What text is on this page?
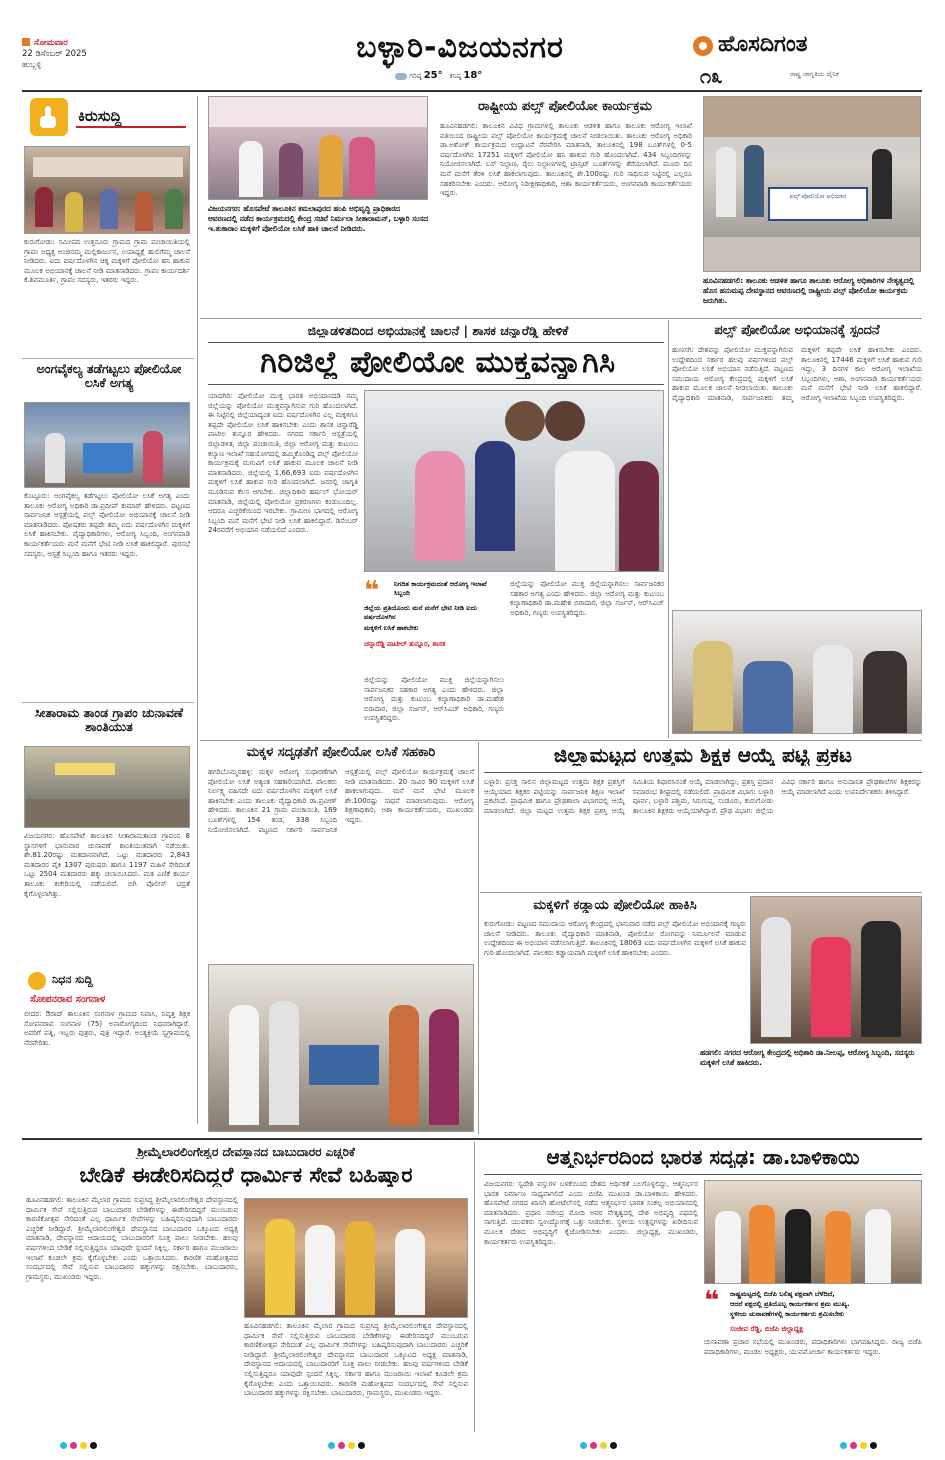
ಸೋಮವಾರ
22 ಡಿಸೆಂಬರ್ 2025
ಹುಬ್ಬಳ್ಳಿ	ಬಳ್ಳಾರಿ-ವಿಜಯನಗರ
ಗರಿಷ್ಠ 25° ಕನಿಷ್ಠ 18°
ಹೊಸದಿಗಂತ
೧೩	ರಾಷ್ಟ್ರ ಜಾಗೃತಿಯ ದೈನಿಕ
ಕಿರುಸುದ್ದಿ
ಕುರುಗೋಡು: ಸಮೀಪದ ಉತ್ತನೂರು ಗ್ರಾಮದ ಗ್ರಾಮ ಪಂಚಾಯಿತಿಯಲ್ಲಿ ಗ್ರಾಪಂ ಅಧ್ಯಕ್ಷ ಅಂಜಿನಮ್ಮ ಮಲ್ಲಿಕಾರ್ಜುನ, ಉಪಾಧ್ಯಕ್ಷೆ ಹುಲಿಗೆಮ್ಮ ಚಾಲನೆ ನೀಡಿದರು. ಐದು ವರ್ಷದೊಳಗಿನ ಚಿಕ್ಕ ಮಕ್ಕಳಿಗೆ ಪೋಲಿಯೋ ಹನಿ ಹಾಕುವ ಮೂಲಕ ಅಭಿಯಾನಕ್ಕೆ ಚಾಲನೆ ನೀಡಿ ಮಾತನಾಡಿದರು. ಗ್ರಾಪಂ ಕಾರ್ಯದರ್ಶಿ ಕೆ.ಶಿವಮೂರ್ತಿ, ಗ್ರಾಪಂ ಸದಸ್ಯರು, ಇತರರು ಇದ್ದರು.
ಅಂಗವೈಕಲ್ಯ ತಡೆಗಟ್ಟಲು ಪೋಲಿಯೋ ಲಸಿಕೆ ಅಗತ್ಯ
ಕೊಟ್ಟೂರು: ಅಂಗವೈಕಲ್ಯ ತಡೆಗಟ್ಟಲು ಪೋಲಿಯೋ ಲಸಿಕೆ ಅಗತ್ಯ ಎಂದು ತಾಲೂಕು ಆರೋಗ್ಯ ಅಧಿಕಾರಿ ಡಾ.ಪ್ರದೀಪ್ ಕುಮಾರ್ ಹೇಳಿದರು. ಪಟ್ಟಣದ ಸಾರ್ವಜನಿಕ ಆಸ್ಪತ್ರೆಯಲ್ಲಿ ಪಲ್ಸ್ ಪೋಲಿಯೋ ಅಭಿಯಾನಕ್ಕೆ ಚಾಲನೆ ನೀಡಿ ಮಾತನಾಡಿದರು. ಪೋಷಕರು ತಪ್ಪದೇ ತಮ್ಮ ಐದು ವರ್ಷದೊಳಗಿನ ಮಕ್ಕಳಿಗೆ ಲಸಿಕೆ ಹಾಕಿಸಬೇಕು. ವೈದ್ಯಾಧಿಕಾರಿಗಳು, ಆರೋಗ್ಯ ಸಿಬ್ಬಂದಿ, ಅಂಗನವಾಡಿ ಕಾರ್ಯಕರ್ತೆಯರು ಮನೆ ಮನೆಗೆ ಭೇಟಿ ನೀಡಿ ಲಸಿಕೆ ಹಾಕಲಿದ್ದಾರೆ. ಪುರಸಭೆ ಸದಸ್ಯರು, ಆಸ್ಪತ್ರೆ ಸಿಬ್ಬಂದಿ ಹಾಗೂ ಇತರರು ಇದ್ದರು.
ಸೀತಾರಾಮ ತಾಂಡ ಗ್ರಾಪಂ ಚುನಾವಣೆ ಶಾಂತಿಯುತ
ವಿಜಯನಗರ: ಹೊಸಪೇಟೆ ತಾಲೂಕಿನ ಸೀತಾರಾಮತಾಂಡ ಗ್ರಾಪಂನ 8 ಸ್ಥಾನಗಳಿಗೆ ಭಾನುವಾರ ಚುನಾವಣೆ ಶಾಂತಿಯುತವಾಗಿ ನಡೆಯಿತು. ಶೇ.81.20ರಷ್ಟು ಮತದಾನವಾಗಿದೆ. ಒಟ್ಟು ಮತದಾರರು 2,843 ಮತದಾರರ ಪೈಕಿ 1307 ಪುರುಷರು ಹಾಗೂ 1197 ಮಹಿಳೆ ಸೇರಿದಂತೆ ಒಟ್ಟು 2504 ಮತದಾರರು ಹಕ್ಕು ಚಲಾಯಿಸಿದರು. ಮತ ಎಣಿಕೆ ಕಾರ್ಯ ತಾಲೂಕು ಕಚೇರಿಯಲ್ಲಿ ನಡೆಯಲಿದೆ. ಬಿಗಿ ಪೊಲೀಸ್ ಭದ್ರತೆ ಕೈಗೊಳ್ಳಲಾಗಿತ್ತು.
ನಿಧನ ಸುದ್ದಿ
ಸೋಪನರಾವ ಸಂಗನಾಳ
ಬೀದರ: ಔರಾದ್ ತಾಲೂಕಿನ ಸಂಗನಾಳ ಗ್ರಾಮದ ನಿವಾಸಿ, ನಿವೃತ್ತ ಶಿಕ್ಷಕ ಸೋಪನರಾವ ಸಂಗನಾಳ (75) ಅನಾರೋಗ್ಯದಿಂದ ನಿಧನರಾಗಿದ್ದಾರೆ. ಅವರಿಗೆ ಪತ್ನಿ, ಇಬ್ಬರು ಪುತ್ರರು, ಪುತ್ರಿ ಇದ್ದಾರೆ. ಅಂತ್ಯಕ್ರಿಯೆ ಸ್ವಗ್ರಾಮದಲ್ಲಿ ನೆರವೇರಿತು.
ವಿಜಯನಗರ: ಹೊಸಪೇಟೆ ತಾಲೂಕಿನ ಕಮಲಾಪುರದ ಹಂಪಿ ಅಭಿವೃದ್ಧಿ ಪ್ರಾಧಿಕಾರದ ಆವರಣದಲ್ಲಿ ನಡೆದ ಕಾರ್ಯಕ್ರಮದಲ್ಲಿ ಕೇಂದ್ರ ಸಚಿವೆ ನಿರ್ಮಲಾ ಸೀತಾರಾಮನ್, ಬಳ್ಳಾರಿ ಸಂಸದ ಇ.ತುಕಾರಾಂ ಮಕ್ಕಳಿಗೆ ಪೋಲಿಯೋ ಲಸಿಕೆ ಹಾಕಿ ಚಾಲನೆ ನೀಡಿದರು.
ರಾಷ್ಟ್ರೀಯ ಪಲ್ಸ್ ಪೋಲಿಯೋ ಕಾರ್ಯಕ್ರಮ
ಹೂವಿನಹಡಗಲಿ: ತಾಲೂಕಿನ ವಿವಿಧ ಗ್ರಾಮಗಳಲ್ಲಿ ತಾಲೂಕು ಆಡಳಿತ ಹಾಗೂ ತಾಲೂಕು ಆರೋಗ್ಯ ಇಲಾಖೆ ವತಿಯಿಂದ ರಾಷ್ಟ್ರೀಯ ಪಲ್ಸ್ ಪೋಲಿಯೋ ಕಾರ್ಯಕ್ರಮಕ್ಕೆ ಚಾಲನೆ ನೀಡಲಾಯಿತು. ತಾಲೂಕು ಆರೋಗ್ಯ ಅಧಿಕಾರಿ ಡಾ.ಅಶೋಕ್ ಕಾರ್ಯಕ್ರಮದ ಉದ್ಘಾಟನೆ ನೆರವೇರಿಸಿ ಮಾತನಾಡಿ, ತಾಲೂಕಿನಲ್ಲಿ 198 ಬೂತ್‌ಗಳಲ್ಲಿ 0-5 ವರ್ಷದೊಳಗಿನ 17251 ಮಕ್ಕಳಿಗೆ ಪೋಲಿಯೋ ಹನಿ ಹಾಕುವ ಗುರಿ ಹೊಂದಲಾಗಿದೆ. 434 ಸಿಬ್ಬಂದಿಗಳನ್ನು ನಿಯೋಜಿಸಲಾಗಿದೆ. ಬಸ್ ನಿಲ್ದಾಣ, ರೈಲು ನಿಲ್ದಾಣಗಳಲ್ಲಿ ಟ್ರಾನ್ಸಿಟ್ ಬೂತ್‌ಗಳನ್ನು ತೆರೆಯಲಾಗಿದೆ. ಮೂರು ದಿನ ಮನೆ ಮನೆಗೆ ತೆರಳಿ ಲಸಿಕೆ ಹಾಕಲಾಗುವುದು. ತಾಲೂಕಿನಲ್ಲಿ ಶೇ.100ರಷ್ಟು ಗುರಿ ಸಾಧಿಸುವ ನಿಟ್ಟಿನಲ್ಲಿ ಎಲ್ಲರೂ ಸಹಕರಿಸಬೇಕು ಎಂದರು. ಆರೋಗ್ಯ ನಿರೀಕ್ಷಣಾಧಿಕಾರಿ, ಆಶಾ ಕಾರ್ಯಕರ್ತೆಯರು, ಅಂಗನವಾಡಿ ಕಾರ್ಯಕರ್ತೆಯರು ಇದ್ದರು.	ಪಲ್ಸ್ ಪೋಲಿಯೋ ಅಭಿಯಾನ
ಹೂವಿನಹಡಗಲಿ: ತಾಲೂಕು ಆಡಳಿತ ಹಾಗೂ ತಾಲೂಕು ಆರೋಗ್ಯ ಅಧಿಕಾರಿಗಳ ನೇತೃತ್ವದಲ್ಲಿ ಹೊಸ ಹನುಮಪ್ಪ ದೇವಸ್ಥಾನದ ಆವರಣದಲ್ಲಿ ರಾಷ್ಟ್ರೀಯ ಪಲ್ಸ್ ಪೋಲಿಯೋ ಕಾರ್ಯಕ್ರಮ ಜರುಗಿತು.
ಜಿಲ್ಲಾಡಳಿತದಿಂದ ಅಭಿಯಾನಕ್ಕೆ ಚಾಲನೆ | ಶಾಸಕ ಚನ್ನಾರೆಡ್ಡಿ ಹೇಳಿಕೆ
ಗಿರಿಜಿಲ್ಲೆ ಪೋಲಿಯೋ ಮುಕ್ತವನ್ನಾಗಿಸಿ
ಯಾದಗಿರಿ: ಪೋಲಿಯೋ ಮುಕ್ತ ಭಾರತ ಅಭಿಯಾನದಡಿ ನಮ್ಮ ಜಿಲ್ಲೆಯನ್ನು ಪೋಲಿಯೋ ಮುಕ್ತವನ್ನಾಗಿಸುವ ಗುರಿ ಹೊಂದಲಾಗಿದೆ. ಈ ನಿಟ್ಟಿನಲ್ಲಿ ಜಿಲ್ಲೆಯಾದ್ಯಂತ ಐದು ವರ್ಷದೊಳಗಿನ ಎಲ್ಲ ಮಕ್ಕಳಿಗೂ ತಪ್ಪದೇ ಪೋಲಿಯೋ ಲಸಿಕೆ ಹಾಕಿಸಬೇಕು ಎಂದು ಶಾಸಕ ಚನ್ನಾರೆಡ್ಡಿ ಪಾಟೀಲ ತುನ್ನೂರ ಹೇಳಿದರು. ನಗರದ ಸರ್ಕಾರಿ ಆಸ್ಪತ್ರೆಯಲ್ಲಿ ಜಿಲ್ಲಾಡಳಿತ, ಜಿಲ್ಲಾ ಪಂಚಾಯಿತಿ, ಜಿಲ್ಲಾ ಆರೋಗ್ಯ ಮತ್ತು ಕುಟುಂಬ ಕಲ್ಯಾಣ ಇಲಾಖೆ ಸಹಯೋಗದಲ್ಲಿ ಹಮ್ಮಿಕೊಂಡಿದ್ದ ಪಲ್ಸ್ ಪೋಲಿಯೋ ಕಾರ್ಯಕ್ರಮಕ್ಕೆ ಮಗುವಿಗೆ ಲಸಿಕೆ ಹಾಕುವ ಮೂಲಕ ಚಾಲನೆ ನೀಡಿ ಮಾತನಾಡಿದರು. ಜಿಲ್ಲೆಯಲ್ಲಿ 1,66,693 ಐದು ವರ್ಷದೊಳಗಿನ ಮಕ್ಕಳಿಗೆ ಲಸಿಕೆ ಹಾಕುವ ಗುರಿ ಹೊಂದಲಾಗಿದೆ. ಜನರಲ್ಲಿ ಜಾಗೃತಿ ಮೂಡಿಸುವ ಕೆಲಸ ಆಗಬೇಕು. ಜಿಲ್ಲಾಧಿಕಾರಿ ಹರ್ಷಲ್ ಭೋಯರ್ ಮಾತನಾಡಿ, ಜಿಲ್ಲೆಯಲ್ಲಿ ಪೋಲಿಯೋ ಪ್ರಕರಣಗಳು ಕಂಡುಬಂದಿಲ್ಲ. ಆದರೂ ಎಚ್ಚರಿಕೆಯಿಂದ ಇರಬೇಕು. ಗ್ರಾಮೀಣ ಭಾಗದಲ್ಲಿ ಆರೋಗ್ಯ ಸಿಬ್ಬಂದಿ ಮನೆ ಮನೆಗೆ ಭೇಟಿ ನೀಡಿ ಲಸಿಕೆ ಹಾಕಲಿದ್ದಾರೆ. ಡಿಸೆಂಬರ್ 24ರವರೆಗೆ ಅಭಿಯಾನ ನಡೆಯಲಿದೆ ಎಂದರು.
❝ ನಿಗದಿತ ಕಾರ್ಯಕ್ರಮದಂತೆ ಆರೋಗ್ಯ ಇಲಾಖೆ ಸಿಬ್ಬಂದಿ
ಜಿಲ್ಲೆಯ ಪ್ರತಿಯೊಂದು ಮನೆ ಮನೆಗೆ ಭೇಟಿ ನೀಡಿ ಐದು ವರ್ಷದೊಳಗಿನ
ಮಕ್ಕಳಿಗೆ ಲಸಿಕೆ ಹಾಕಬೇಕು
ಚನ್ನಾರೆಡ್ಡಿ ಪಾಟೀಲ್ ತುನ್ನೂರ, ಶಾಸಕ
ಜಿಲ್ಲೆಯನ್ನು ಪೋಲಿಯೋ ಮುಕ್ತ ಜಿಲ್ಲೆಯನ್ನಾಗಿಸಲು ಸಾರ್ವಜನಿಕರ ಸಹಕಾರ ಅಗತ್ಯ ಎಂದು ಹೇಳಿದರು. ಜಿಲ್ಲಾ ಆರೋಗ್ಯ ಮತ್ತು ಕುಟುಂಬ ಕಲ್ಯಾಣಾಧಿಕಾರಿ ಡಾ.ಮಹೇಶ ಬಿರಾದಾರ, ಜಿಲ್ಲಾ ಸರ್ಜನ್, ಆರ್‌ಸಿಎಚ್ ಅಧಿಕಾರಿ, ಗಣ್ಯರು ಉಪಸ್ಥಿತರಿದ್ದರು.
ಜಿಲ್ಲೆಯನ್ನು ಪೋಲಿಯೋ ಮುಕ್ತ ಜಿಲ್ಲೆಯನ್ನಾಗಿಸಲು ಸಾರ್ವಜನಿಕರ ಸಹಕಾರ ಅಗತ್ಯ ಎಂದು ಹೇಳಿದರು. ಜಿಲ್ಲಾ ಆರೋಗ್ಯ ಮತ್ತು ಕುಟುಂಬ ಕಲ್ಯಾಣಾಧಿಕಾರಿ ಡಾ.ಮಹೇಶ ಬಿರಾದಾರ, ಜಿಲ್ಲಾ ಸರ್ಜನ್, ಆರ್‌ಸಿಎಚ್ ಅಧಿಕಾರಿ, ಗಣ್ಯರು ಉಪಸ್ಥಿತರಿದ್ದರು.
ಪಲ್ಸ್ ಪೋಲಿಯೋ ಅಭಿಯಾನಕ್ಕೆ ಸ್ಪಂದನೆ
ಹುಣಸಗಿ: ದೇಶವನ್ನು ಪೋಲಿಯೋ ಮುಕ್ತವನ್ನಾಗಿಸುವ ಉದ್ದೇಶದಿಂದ ಸರ್ಕಾರ ಹಲವು ವರ್ಷಗಳಿಂದ ಪಲ್ಸ್ ಪೋಲಿಯೋ ಲಸಿಕೆ ಅಭಿಯಾನ ನಡೆಸುತ್ತಿದೆ. ಪಟ್ಟಣದ ಸಮುದಾಯ ಆರೋಗ್ಯ ಕೇಂದ್ರದಲ್ಲಿ ಮಕ್ಕಳಿಗೆ ಲಸಿಕೆ ಹಾಕುವ ಮೂಲಕ ಚಾಲನೆ ನೀಡಲಾಯಿತು. ತಾಲೂಕು ವೈದ್ಯಾಧಿಕಾರಿ ಮಾತನಾಡಿ, ಸಾರ್ವಜನಿಕರು ತಮ್ಮ ಮಕ್ಕಳಿಗೆ ತಪ್ಪದೇ ಲಸಿಕೆ ಹಾಕಿಸಬೇಕು ಎಂದರು. ತಾಲೂಕಿನಲ್ಲಿ 17446 ಮಕ್ಕಳಿಗೆ ಲಸಿಕೆ ಹಾಕುವ ಗುರಿ ಇದ್ದು, 3 ದಿನಗಳ ಕಾಲ ಆರೋಗ್ಯ ಇಲಾಖೆಯ ಸಿಬ್ಬಂದಿಗಳು, ಆಶಾ, ಅಂಗನವಾಡಿ ಕಾರ್ಯಕರ್ತೆಯರು ಮನೆ ಮನೆಗೆ ಭೇಟಿ ನೀಡಿ ಲಸಿಕೆ ಹಾಕಲಿದ್ದಾರೆ. ಆರೋಗ್ಯ ಇಲಾಖೆಯ ಸಿಬ್ಬಂದಿ ಉಪಸ್ಥಿತರಿದ್ದರು.
ಮಕ್ಕಳ ಸದೃಢತೆಗೆ ಪೋಲಿಯೋ ಲಸಿಕೆ ಸಹಕಾರಿ
ಹಗರಿಬೊಮ್ಮನಹಳ್ಳಿ: ಮಕ್ಕಳ ಆರೋಗ್ಯ ಸುಧಾರಣೆಗಾಗಿ ಪೋಲಿಯೋ ಲಸಿಕೆ ಅತ್ಯಂತ ಸಹಕಾರಿಯಾಗಿದೆ. ಪಾಲಕರು ನಿರ್ಲಕ್ಷ್ಯ ವಹಿಸದೇ ಐದು ವರ್ಷದೊಳಗಿನ ಮಕ್ಕಳಿಗೆ ಲಸಿಕೆ ಹಾಕಿಸಬೇಕು ಎಂದು ತಾಲೂಕು ವೈದ್ಯಾಧಿಕಾರಿ ಡಾ.ಪ್ರವೀಣ್ ಹೇಳಿದರು. ತಾಲೂಕಿನ 21 ಗ್ರಾಮ ಪಂಚಾಯಿತಿ, 169 ಬೂತ್‌ಗಳಲ್ಲಿ 154 ತಂಡ, 338 ಸಿಬ್ಬಂದಿ ನಿಯೋಜಿಸಲಾಗಿದೆ. ಪಟ್ಟಣದ ಸರ್ಕಾರಿ ಸಾರ್ವಜನಿಕ ಆಸ್ಪತ್ರೆಯಲ್ಲಿ ಪಲ್ಸ್ ಪೋಲಿಯೋ ಕಾರ್ಯಕ್ರಮಕ್ಕೆ ಚಾಲನೆ ನೀಡಿ ಮಾತನಾಡಿದರು. 20 ಸಾವಿರ 90 ಮಕ್ಕಳಿಗೆ ಲಸಿಕೆ ಹಾಕಲಾಗುವುದು. ಮನೆ ಮನೆ ಭೇಟಿ ಮೂಲಕ ಶೇ.100ರಷ್ಟು ಸಾಧನೆ ಮಾಡಲಾಗುವುದು. ಆರೋಗ್ಯ ಶಿಕ್ಷಣಾಧಿಕಾರಿ, ಆಶಾ ಕಾರ್ಯಕರ್ತೆಯರು, ಮುಖಂಡರು ಇದ್ದರು.
ಜಿಲ್ಲಾಮಟ್ಟದ ಉತ್ತಮ ಶಿಕ್ಷಕ ಆಯ್ಕೆ ಪಟ್ಟಿ ಪ್ರಕಟ
ಬಳ್ಳಾರಿ: ಪ್ರಸಕ್ತ ಸಾಲಿನ ಜಿಲ್ಲಾಮಟ್ಟದ ಉತ್ತಮ ಶಿಕ್ಷಕ ಪ್ರಶಸ್ತಿಗೆ ಆಯ್ಕೆಯಾದ ಶಿಕ್ಷಕರ ಪಟ್ಟಿಯನ್ನು ಸಾರ್ವಜನಿಕ ಶಿಕ್ಷಣ ಇಲಾಖೆ ಪ್ರಕಟಿಸಿದೆ. ಪ್ರಾಥಮಿಕ ಹಾಗೂ ಪ್ರೌಢಶಾಲಾ ವಿಭಾಗದಲ್ಲಿ ಆಯ್ಕೆ ಮಾಡಲಾಗಿದೆ. ಜಿಲ್ಲಾ ಮಟ್ಟದ ಉತ್ತಮ ಶಿಕ್ಷಕ ಪ್ರಶಸ್ತಿ ಆಯ್ಕೆ ಸಮಿತಿಯ ಶಿಫಾರಸಿನಂತೆ ಆಯ್ಕೆ ಮಾಡಲಾಗಿದ್ದು, ಪ್ರಶಸ್ತಿ ಪ್ರದಾನ ಸಮಾರಂಭ ಶೀಘ್ರದಲ್ಲಿ ನಡೆಯಲಿದೆ. ಪ್ರಾಥಮಿಕ ವಿಭಾಗ: ಬಳ್ಳಾರಿ ಪೂರ್ವ, ಬಳ್ಳಾರಿ ಪಶ್ಚಿಮ, ಸಿರುಗುಪ್ಪ, ಸಂಡೂರು, ಕುರುಗೋಡು ತಾಲೂಕಿನ ಶಿಕ್ಷಕರು ಆಯ್ಕೆಯಾಗಿದ್ದಾರೆ. ಪ್ರೌಢ ವಿಭಾಗ: ಜಿಲ್ಲೆಯ ವಿವಿಧ ಸರ್ಕಾರಿ ಹಾಗೂ ಅನುದಾನಿತ ಪ್ರೌಢಶಾಲೆಗಳ ಶಿಕ್ಷಕರನ್ನು ಆಯ್ಕೆ ಮಾಡಲಾಗಿದೆ ಎಂದು ಉಪನಿರ್ದೇಶಕರು ತಿಳಿಸಿದ್ದಾರೆ.
ಮಕ್ಕಳಿಗೆ ಕಡ್ಡಾಯ ಪೋಲಿಯೋ ಹಾಕಿಸಿ
ಕುರುಗೋಡು: ಪಟ್ಟಣದ ಸಮುದಾಯ ಆರೋಗ್ಯ ಕೇಂದ್ರದಲ್ಲಿ ಭಾನುವಾರ ನಡೆದ ಪಲ್ಸ್ ಪೋಲಿಯೋ ಅಭಿಯಾನಕ್ಕೆ ಗಣ್ಯರು ಚಾಲನೆ ನೀಡಿದರು. ತಾಲೂಕು ವೈದ್ಯಾಧಿಕಾರಿ ಮಾತನಾಡಿ, ಪೋಲಿಯೋ ರೋಗವನ್ನು ನಿರ್ಮೂಲನೆ ಮಾಡುವ ಉದ್ದೇಶದಿಂದ ಈ ಅಭಿಯಾನ ನಡೆಸಲಾಗುತ್ತಿದೆ. ತಾಲೂಕಿನಲ್ಲಿ 18063 ಐದು ವರ್ಷದೊಳಗಿನ ಮಕ್ಕಳಿಗೆ ಲಸಿಕೆ ಹಾಕುವ ಗುರಿ ಹೊಂದಲಾಗಿದೆ. ಪಾಲಕರು ಕಡ್ಡಾಯವಾಗಿ ಮಕ್ಕಳಿಗೆ ಲಸಿಕೆ ಹಾಕಿಸಬೇಕು ಎಂದರು.
ಹಡಗಲಿ: ನಗರದ ಆರೋಗ್ಯ ಕೇಂದ್ರದಲ್ಲಿ ಅಧಿಕಾರಿ ಡಾ.ನೀಲಪ್ಪ, ಆರೋಗ್ಯ ಸಿಬ್ಬಂದಿ, ಸದಸ್ಯರು ಮಕ್ಕಳಿಗೆ ಲಸಿಕೆ ಹಾಕಿದರು.
ಶ್ರೀಮೈಲಾರಲಿಂಗೇಶ್ವರ ದೇವಸ್ಥಾನದ ಬಾಬುದಾರರ ಎಚ್ಚರಿಕೆ
ಬೇಡಿಕೆ ಈಡೇರಿಸದಿದ್ದರೆ ಧಾರ್ಮಿಕ ಸೇವೆ ಬಹಿಷ್ಕಾರ
ಹೂವಿನಹಡಗಲಿ: ತಾಲೂಕಿನ ಮೈಲಾರ ಗ್ರಾಮದ ಸುಪ್ರಸಿದ್ಧ ಶ್ರೀಮೈಲಾರಲಿಂಗೇಶ್ವರ ದೇವಸ್ಥಾನದಲ್ಲಿ ಧಾರ್ಮಿಕ ಸೇವೆ ಸಲ್ಲಿಸುತ್ತಿರುವ ಬಾಬುದಾರರ ಬೇಡಿಕೆಗಳನ್ನು ಈಡೇರಿಸದಿದ್ದರೆ ಮುಂಬರುವ ಕಾರಣಿಕೋತ್ಸವ ಸೇರಿದಂತೆ ಎಲ್ಲ ಧಾರ್ಮಿಕ ಸೇವೆಗಳನ್ನು ಬಹಿಷ್ಕರಿಸುವುದಾಗಿ ಬಾಬುದಾರರು ಎಚ್ಚರಿಕೆ ನೀಡಿದ್ದಾರೆ. ಶ್ರೀಮೈಲಾರಲಿಂಗೇಶ್ವರ ದೇವಸ್ಥಾನದ ಬಾಬುದಾರರ ಒಕ್ಕೂಟದ ಅಧ್ಯಕ್ಷ ಮಾತನಾಡಿ, ದೇವಸ್ಥಾನದ ಆದಾಯದಲ್ಲಿ ಬಾಬುದಾರರಿಗೆ ಸೂಕ್ತ ಪಾಲು ನೀಡಬೇಕು. ಹಲವು ವರ್ಷಗಳಿಂದ ಬೇಡಿಕೆ ಸಲ್ಲಿಸುತ್ತಿದ್ದರೂ ಯಾವುದೇ ಸ್ಪಂದನೆ ಸಿಕ್ಕಿಲ್ಲ. ಸರ್ಕಾರ ಹಾಗೂ ಮುಜರಾಯಿ ಇಲಾಖೆ ಕೂಡಲೇ ಕ್ರಮ ಕೈಗೊಳ್ಳಬೇಕು ಎಂದು ಒತ್ತಾಯಿಸಿದರು. ಕಾರಣಿಕ ಮಹೋತ್ಸವದ ಸಂದರ್ಭದಲ್ಲಿ ಸೇವೆ ಸಲ್ಲಿಸುವ ಬಾಬುದಾರರ ಹಕ್ಕುಗಳನ್ನು ರಕ್ಷಿಸಬೇಕು. ಬಾಬುದಾರರು, ಗ್ರಾಮಸ್ಥರು, ಮುಖಂಡರು ಇದ್ದರು.
ಹೂವಿನಹಡಗಲಿ: ತಾಲೂಕಿನ ಮೈಲಾರ ಗ್ರಾಮದ ಸುಪ್ರಸಿದ್ಧ ಶ್ರೀಮೈಲಾರಲಿಂಗೇಶ್ವರ ದೇವಸ್ಥಾನದಲ್ಲಿ ಧಾರ್ಮಿಕ ಸೇವೆ ಸಲ್ಲಿಸುತ್ತಿರುವ ಬಾಬುದಾರರ ಬೇಡಿಕೆಗಳನ್ನು ಈಡೇರಿಸದಿದ್ದರೆ ಮುಂಬರುವ ಕಾರಣಿಕೋತ್ಸವ ಸೇರಿದಂತೆ ಎಲ್ಲ ಧಾರ್ಮಿಕ ಸೇವೆಗಳನ್ನು ಬಹಿಷ್ಕರಿಸುವುದಾಗಿ ಬಾಬುದಾರರು ಎಚ್ಚರಿಕೆ ನೀಡಿದ್ದಾರೆ. ಶ್ರೀಮೈಲಾರಲಿಂಗೇಶ್ವರ ದೇವಸ್ಥಾನದ ಬಾಬುದಾರರ ಒಕ್ಕೂಟದ ಅಧ್ಯಕ್ಷ ಮಾತನಾಡಿ, ದೇವಸ್ಥಾನದ ಆದಾಯದಲ್ಲಿ ಬಾಬುದಾರರಿಗೆ ಸೂಕ್ತ ಪಾಲು ನೀಡಬೇಕು. ಹಲವು ವರ್ಷಗಳಿಂದ ಬೇಡಿಕೆ ಸಲ್ಲಿಸುತ್ತಿದ್ದರೂ ಯಾವುದೇ ಸ್ಪಂದನೆ ಸಿಕ್ಕಿಲ್ಲ. ಸರ್ಕಾರ ಹಾಗೂ ಮುಜರಾಯಿ ಇಲಾಖೆ ಕೂಡಲೇ ಕ್ರಮ ಕೈಗೊಳ್ಳಬೇಕು ಎಂದು ಒತ್ತಾಯಿಸಿದರು. ಕಾರಣಿಕ ಮಹೋತ್ಸವದ ಸಂದರ್ಭದಲ್ಲಿ ಸೇವೆ ಸಲ್ಲಿಸುವ ಬಾಬುದಾರರ ಹಕ್ಕುಗಳನ್ನು ರಕ್ಷಿಸಬೇಕು. ಬಾಬುದಾರರು, ಗ್ರಾಮಸ್ಥರು, ಮುಖಂಡರು ಇದ್ದರು.
ಆತ್ಮನಿರ್ಭರದಿಂದ ಭಾರತ ಸದೃಢ: ಡಾ.ಬಾಳಿಕಾಯಿ
ವಿಜಯನಗರ: ಸ್ವದೇಶಿ ವಸ್ತುಗಳ ಬಳಕೆಯಿಂದ ದೇಶದ ಆರ್ಥಿಕತೆ ಬಲಗೊಳ್ಳಲಿದ್ದು, ಆತ್ಮನಿರ್ಭರ ಭಾರತ ನಿರ್ಮಾಣ ಸಾಧ್ಯವಾಗಲಿದೆ ಎಂದು ಬಿಜೆಪಿ ಮುಖಂಡ ಡಾ.ಬಾಳಿಕಾಯಿ ಹೇಳಿದರು. ಹೊಸಪೇಟೆ ನಗರದ ಖಾಸಗಿ ಹೋಟೆಲ್‌ನಲ್ಲಿ ನಡೆದ ಆತ್ಮನಿರ್ಭರ ಭಾರತ ಸಂಕಲ್ಪ ಅಭಿಯಾನದಲ್ಲಿ ಮಾತನಾಡಿದರು. ಪ್ರಧಾನಿ ನರೇಂದ್ರ ಮೋದಿ ಅವರ ನೇತೃತ್ವದಲ್ಲಿ ದೇಶ ಅಭಿವೃದ್ಧಿ ಪಥದಲ್ಲಿ ಸಾಗುತ್ತಿದೆ. ಯುವಕರು ಸ್ವಉದ್ಯೋಗಕ್ಕೆ ಒತ್ತು ನೀಡಬೇಕು. ಸ್ಥಳೀಯ ಉತ್ಪನ್ನಗಳನ್ನು ಖರೀದಿಸುವ ಮೂಲಕ ದೇಶದ ಅಭಿವೃದ್ಧಿಗೆ ಕೈಜೋಡಿಸಬೇಕು ಎಂದರು. ಜಿಲ್ಲಾಧ್ಯಕ್ಷ, ಮುಖಂಡರು, ಕಾರ್ಯಕರ್ತರು ಉಪಸ್ಥಿತರಿದ್ದರು.
❝ ರಾಷ್ಟ್ರಮಟ್ಟದಲ್ಲಿ ಬಿಜೆಪಿ ಬಲಿಷ್ಠ ಪಕ್ಷವಾಗಿ ಬೆಳೆದಿದೆ,
ಆದರೆ ಪಕ್ಷದಲ್ಲಿ ಪ್ರತಿಯೊಬ್ಬ ಕಾರ್ಯಕರ್ತನ ಶ್ರಮ ಮುಖ್ಯ.
ಸ್ಥಳೀಯ ಚುನಾವಣೆಗಳಲ್ಲಿ ಕಾರ್ಯಕರ್ತರು ಶ್ರಮಿಸಬೇಕು
ಸಂಜೀವ ರೆಡ್ಡಿ, ಬಿಜೆಪಿ ಜಿಲ್ಲಾಧ್ಯಕ್ಷ
ಚುನಾವಣಾ ಪ್ರಚಾರ ಸಭೆಯಲ್ಲಿ ಮುಖಂಡರು, ಪದಾಧಿಕಾರಿಗಳು ಭಾಗವಹಿಸಿದ್ದರು. ರಾಜ್ಯ ಬಿಜೆಪಿ ಪದಾಧಿಕಾರಿಗಳು, ಮಂಡಲ ಅಧ್ಯಕ್ಷರು, ಯುವಮೋರ್ಚಾ ಕಾರ್ಯಕರ್ತರು ಇದ್ದರು.
